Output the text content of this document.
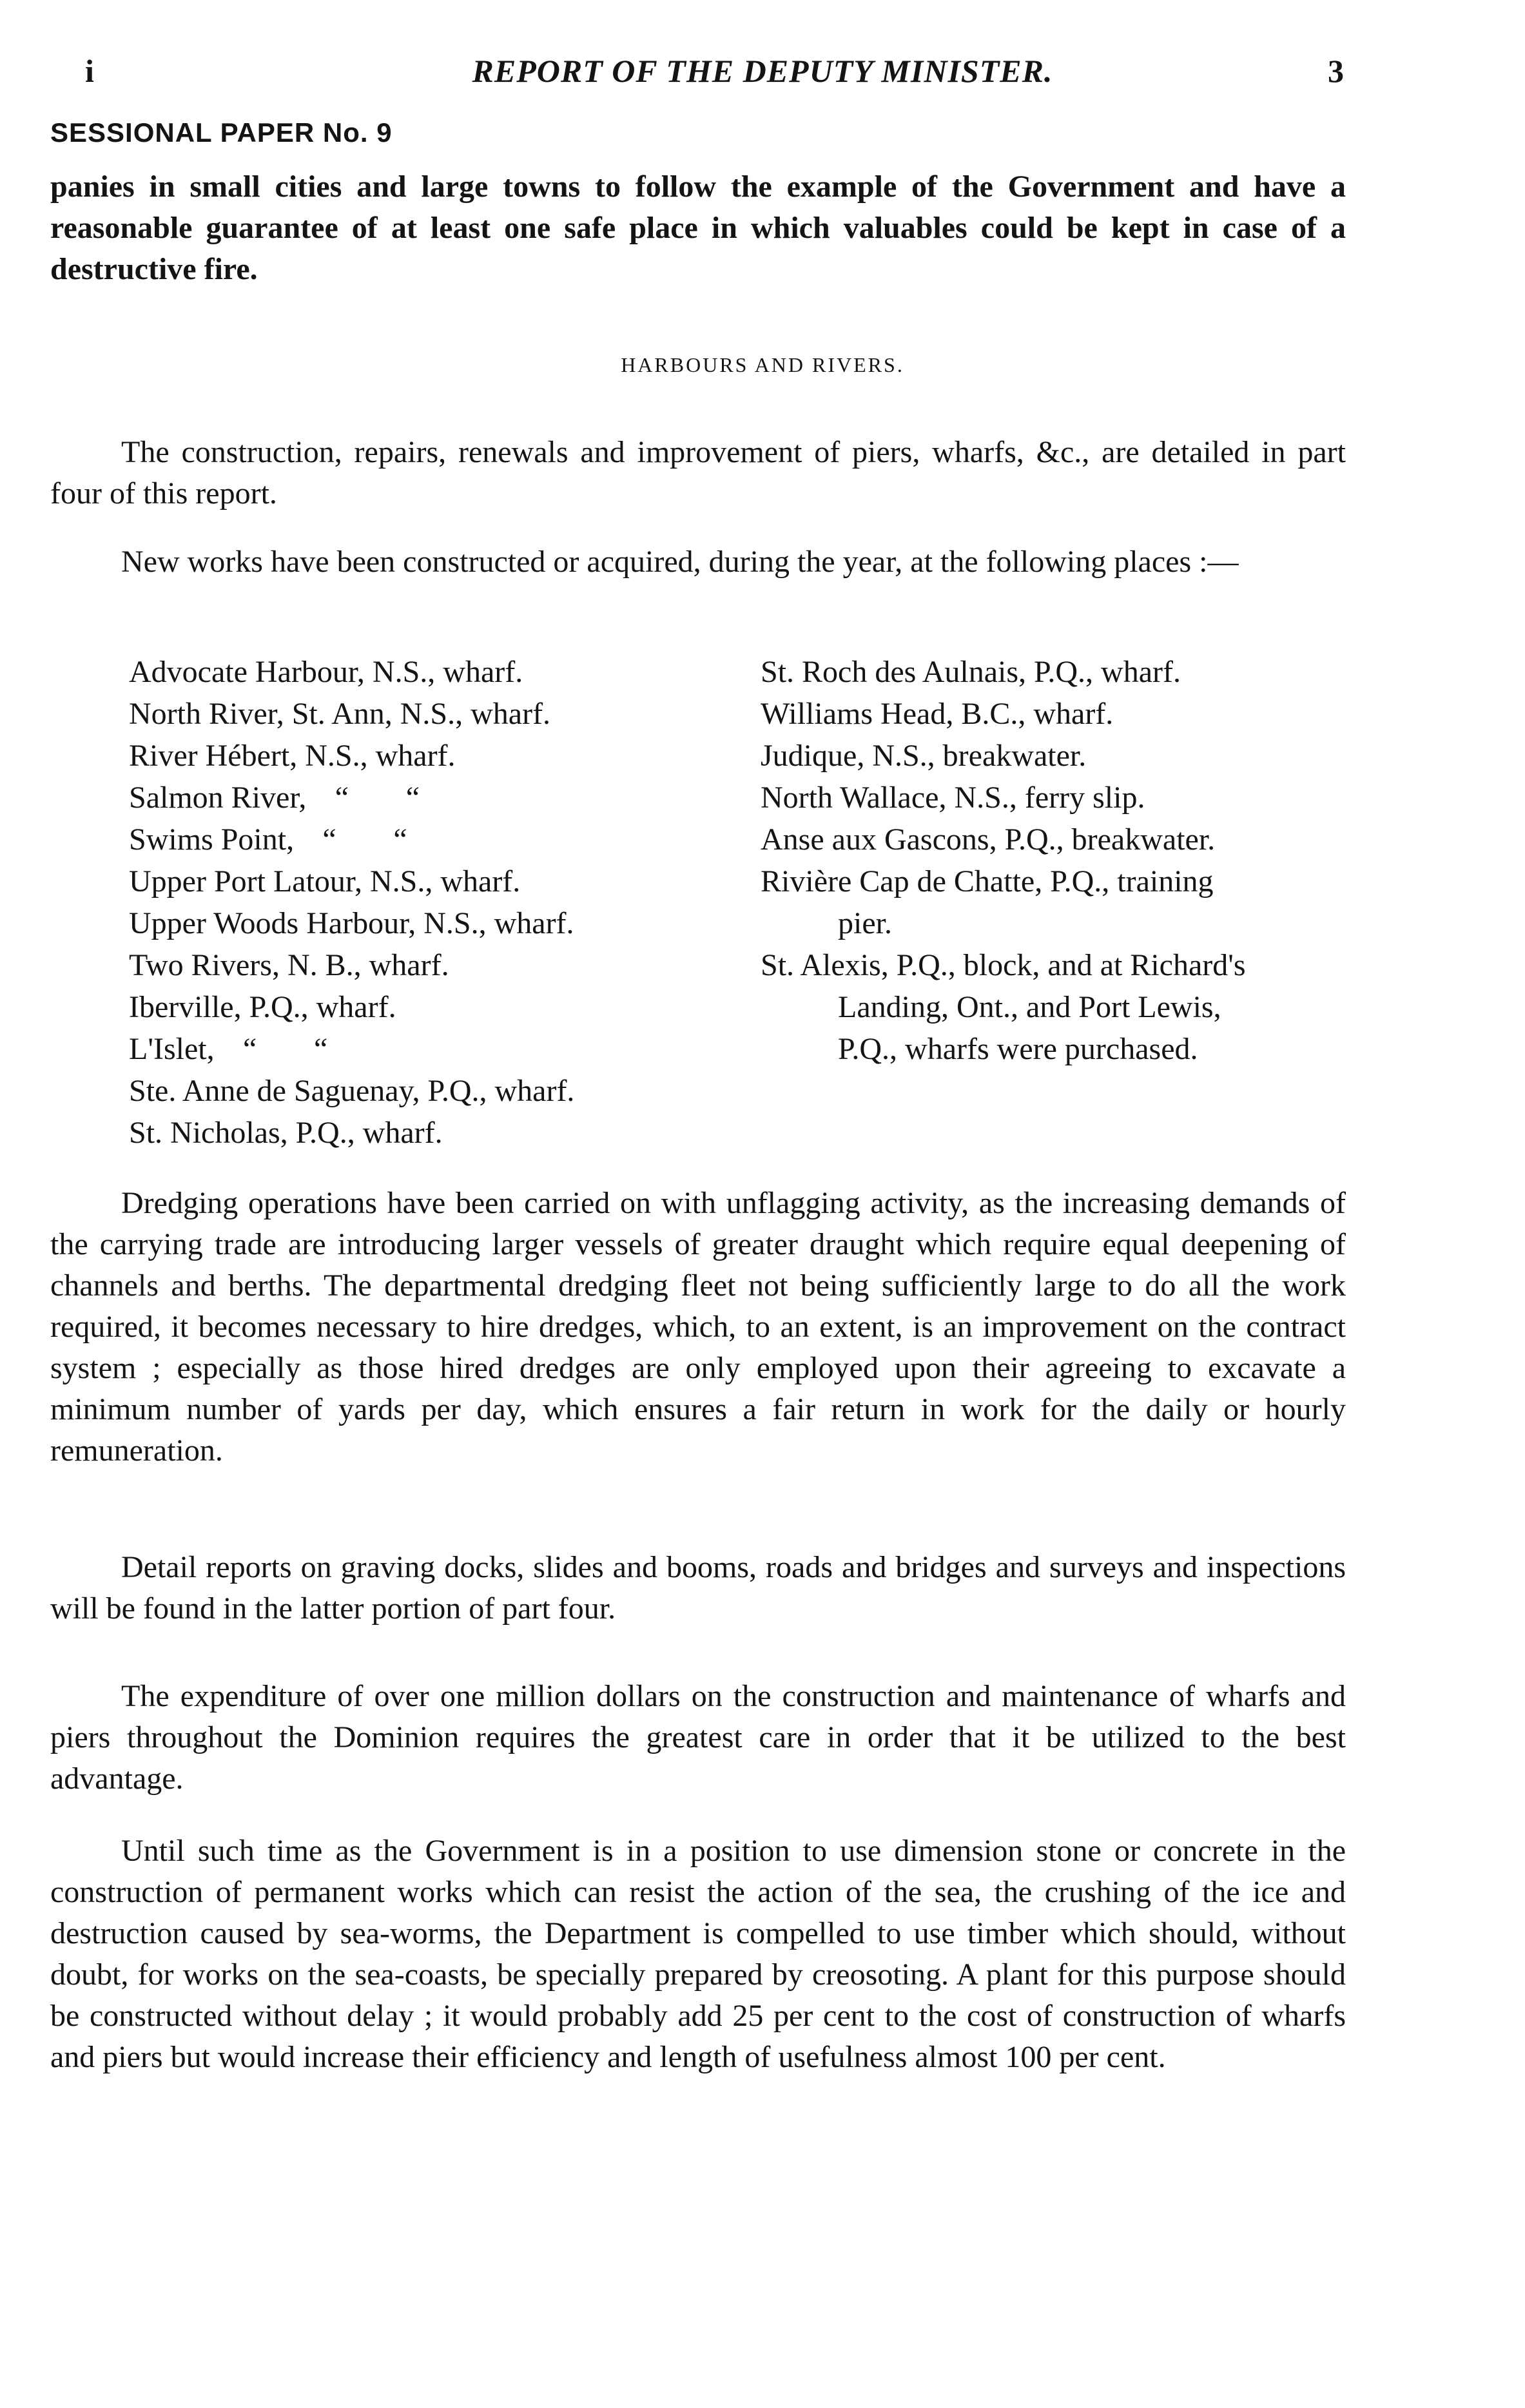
REPORT OF THE DEPUTY MINISTER.
i	3
SESSIONAL PAPER No. 9

panies in small cities and large towns to follow the example of the Government and have a reasonable guarantee of at least one safe place in which valuables could be kept in case of a destructive fire.

HARBOURS AND RIVERS.

The construction, repairs, renewals and improvement of piers, wharfs, &c., are detailed in part four of this report.

New works have been constructed or acquired, during the year, at the following places :—

Advocate Harbour, N.S., wharf.
North River, St. Ann, N.S., wharf.
River Hébert, N.S., wharf.
Salmon River, “ “
Swims Point, “ “
Upper Port Latour, N.S., wharf.
Upper Woods Harbour, N.S., wharf.
Two Rivers, N. B., wharf.
Iberville, P.Q., wharf.
L'Islet, “ “
Ste. Anne de Saguenay, P.Q., wharf.
St. Nicholas, P.Q., wharf.
St. Roch des Aulnais, P.Q., wharf.
Williams Head, B.C., wharf.
Judique, N.S., breakwater.
North Wallace, N.S., ferry slip.
Anse aux Gascons, P.Q., breakwater.
Rivière Cap de Chatte, P.Q., training
pier.
St. Alexis, P.Q., block, and at Richard's
Landing, Ont., and Port Lewis,
P.Q., wharfs were purchased.

Dredging operations have been carried on with unflagging activity, as the increasing demands of the carrying trade are introducing larger vessels of greater draught which require equal deepening of channels and berths. The departmental dredging fleet not being sufficiently large to do all the work required, it becomes necessary to hire dredges, which, to an extent, is an improvement on the contract system ; especially as those hired dredges are only employed upon their agreeing to excavate a minimum number of yards per day, which ensures a fair return in work for the daily or hourly remuneration.

Detail reports on graving docks, slides and booms, roads and bridges and surveys and inspections will be found in the latter portion of part four.

The expenditure of over one million dollars on the construction and maintenance of wharfs and piers throughout the Dominion requires the greatest care in order that it be utilized to the best advantage.

Until such time as the Government is in a position to use dimension stone or concrete in the construction of permanent works which can resist the action of the sea, the crushing of the ice and destruction caused by sea-worms, the Department is compelled to use timber which should, without doubt, for works on the sea-coasts, be specially prepared by creosoting. A plant for this purpose should be constructed without delay ; it would probably add 25 per cent to the cost of construction of wharfs and piers but would increase their efficiency and length of usefulness almost 100 per cent.
